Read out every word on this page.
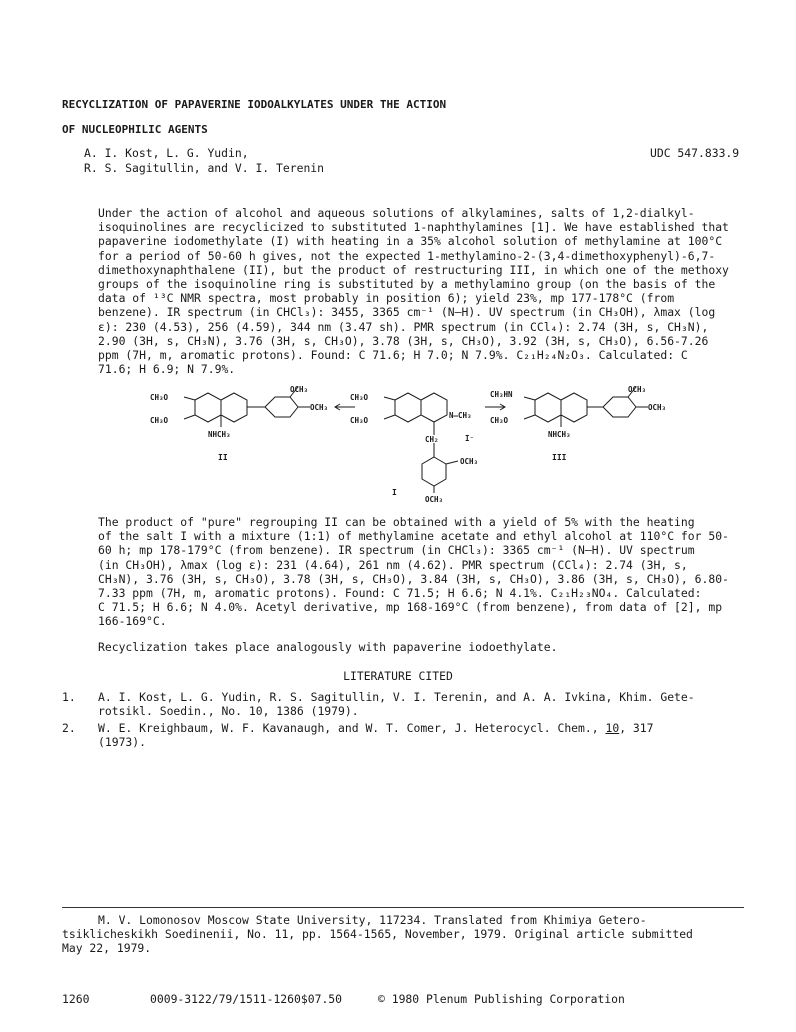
RECYCLIZATION OF PAPAVERINE IODOALKYLATES UNDER THE ACTION
OF NUCLEOPHILIC AGENTS
A. I. Kost, L. G. Yudin,
R. S. Sagitullin, and V. I. Terenin
UDC 547.833.9
Under the action of alcohol and aqueous solutions of alkylamines, salts of 1,2-dialkyl-
isoquinolines are recyclicized to substituted 1-naphthylamines [1]. We have established that
papaverine iodomethylate (I) with heating in a 35% alcohol solution of methylamine at 100°C
for a period of 50-60 h gives, not the expected 1-methylamino-2-(3,4-dimethoxyphenyl)-6,7-
dimethoxynaphthalene (II), but the product of restructuring III, in which one of the methoxy
groups of the isoquinoline ring is substituted by a methylamino group (on the basis of the
data of ¹³C NMR spectra, most probably in position 6); yield 23%, mp 177-178°C (from
benzene). IR spectrum (in CHCl₃): 3455, 3365 cm⁻¹ (N—H). UV spectrum (in CH₃OH), λmax (log
ε): 230 (4.53), 256 (4.59), 344 nm (3.47 sh). PMR spectrum (in CCl₄): 2.74 (3H, s, CH₃N),
2.90 (3H, s, CH₃N), 3.76 (3H, s, CH₃O), 3.78 (3H, s, CH₃O), 3.92 (3H, s, CH₃O), 6.56-7.26
ppm (7H, m, aromatic protons). Found: C 71.6; H 7.0; N 7.9%. C₂₁H₂₄N₂O₃. Calculated: C
71.6; H 6.9; N 7.9%.
CH₃O
CH₃O
OCH₃
OCH₃
NHCH₃
II
CH₃O
CH₃O
N—CH₃
CH₂	I⁻
OCH₃
OCH₃
I
CH₃HN
CH₃O
OCH₃
OCH₃
NHCH₃
III
The product of "pure" regrouping II can be obtained with a yield of 5% with the heating
of the salt I with a mixture (1:1) of methylamine acetate and ethyl alcohol at 110°C for 50-
60 h; mp 178-179°C (from benzene). IR spectrum (in CHCl₃): 3365 cm⁻¹ (N—H). UV spectrum
(in CH₃OH), λmax (log ε): 231 (4.64), 261 nm (4.62). PMR spectrum (CCl₄): 2.74 (3H, s,
CH₃N), 3.76 (3H, s, CH₃O), 3.78 (3H, s, CH₃O), 3.84 (3H, s, CH₃O), 3.86 (3H, s, CH₃O), 6.80-
7.33 ppm (7H, m, aromatic protons). Found: C 71.5; H 6.6; N 4.1%. C₂₁H₂₃NO₄. Calculated:
C 71.5; H 6.6; N 4.0%. Acetyl derivative, mp 168-169°C (from benzene), from data of [2], mp
166-169°C.
Recyclization takes place analogously with papaverine iodoethylate.
LITERATURE CITED
1. A. I. Kost, L. G. Yudin, R. S. Sagitullin, V. I. Terenin, and A. A. Ivkina, Khim. Gete-
rotsikl. Soedin., No. 10, 1386 (1979).
2. W. E. Kreighbaum, W. F. Kavanaugh, and W. T. Comer, J. Heterocycl. Chem., 10, 317
(1973).
M. V. Lomonosov Moscow State University, 117234. Translated from Khimiya Getero-
tsiklicheskikh Soedinenii, No. 11, pp. 1564-1565, November, 1979. Original article submitted
May 22, 1979.
1260	0009-3122/79/1511-1260$07.50	© 1980 Plenum Publishing Corporation
